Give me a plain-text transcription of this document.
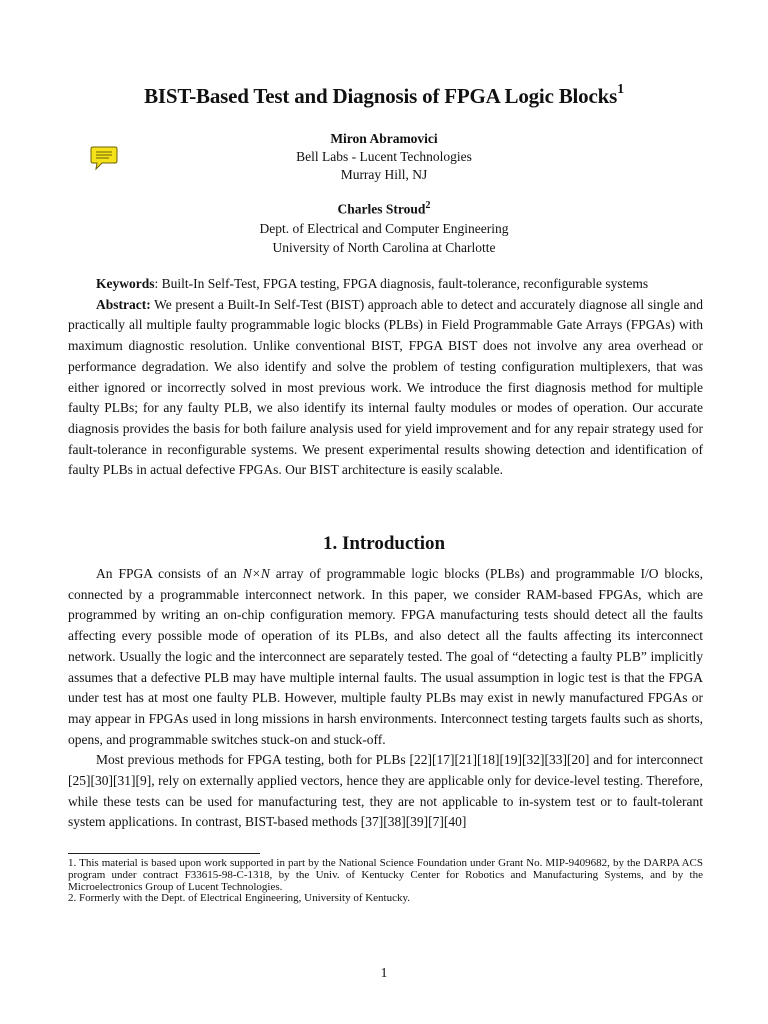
BIST-Based Test and Diagnosis of FPGA Logic Blocks$^1$
Miron Abramovici
Bell Labs - Lucent Technologies
Murray Hill, NJ
Charles Stroud$^2$
Dept. of Electrical and Computer Engineering
University of North Carolina at Charlotte

Keywords: Built-In Self-Test, FPGA testing, FPGA diagnosis, fault-tolerance, reconfigurable systems

Abstract: We present a Built-In Self-Test (BIST) approach able to detect and accurately diagnose all single and practically all multiple faulty programmable logic blocks (PLBs) in Field Programmable Gate Arrays (FPGAs) with maximum diagnostic resolution. Unlike conventional BIST, FPGA BIST does not involve any area overhead or performance degradation. We also identify and solve the problem of testing configuration multiplexers, that was either ignored or incorrectly solved in most previous work. We introduce the first diagnosis method for multiple faulty PLBs; for any faulty PLB, we also identify its internal faulty modules or modes of operation. Our accurate diagnosis provides the basis for both failure analysis used for yield improvement and for any repair strategy used for fault-tolerance in reconfigurable systems. We present experimental results showing detection and identification of faulty PLBs in actual defective FPGAs. Our BIST architecture is easily scalable.

1. Introduction

An FPGA consists of an N×N array of programmable logic blocks (PLBs) and programmable I/O blocks, connected by a programmable interconnect network. In this paper, we consider RAM-based FPGAs, which are programmed by writing an on-chip configuration memory. FPGA manufacturing tests should detect all the faults affecting every possible mode of operation of its PLBs, and also detect all the faults affecting its interconnect network. Usually the logic and the interconnect are separately tested. The goal of “detecting a faulty PLB” implicitly assumes that a defective PLB may have multiple internal faults. The usual assumption in logic test is that the FPGA under test has at most one faulty PLB. However, multiple faulty PLBs may exist in newly manufactured FPGAs or may appear in FPGAs used in long missions in harsh environments. Interconnect testing targets faults such as shorts, opens, and programmable switches stuck-on and stuck-off.

Most previous methods for FPGA testing, both for PLBs [22][17][21][18][19][32][33][20] and for interconnect [25][30][31][9], rely on externally applied vectors, hence they are applicable only for device-level testing. Therefore, while these tests can be used for manufacturing test, they are not applicable to in-system test or to fault-tolerant system applications. In contrast, BIST-based methods [37][38][39][7][40]

1. This material is based upon work supported in part by the National Science Foundation under Grant No. MIP-9409682, by the DARPA ACS program under contract F33615-98-C-1318, by the Univ. of Kentucky Center for Robotics and Manufacturing Systems, and by the Microelectronics Group of Lucent Technologies.

2. Formerly with the Dept. of Electrical Engineering, University of Kentucky.

1
